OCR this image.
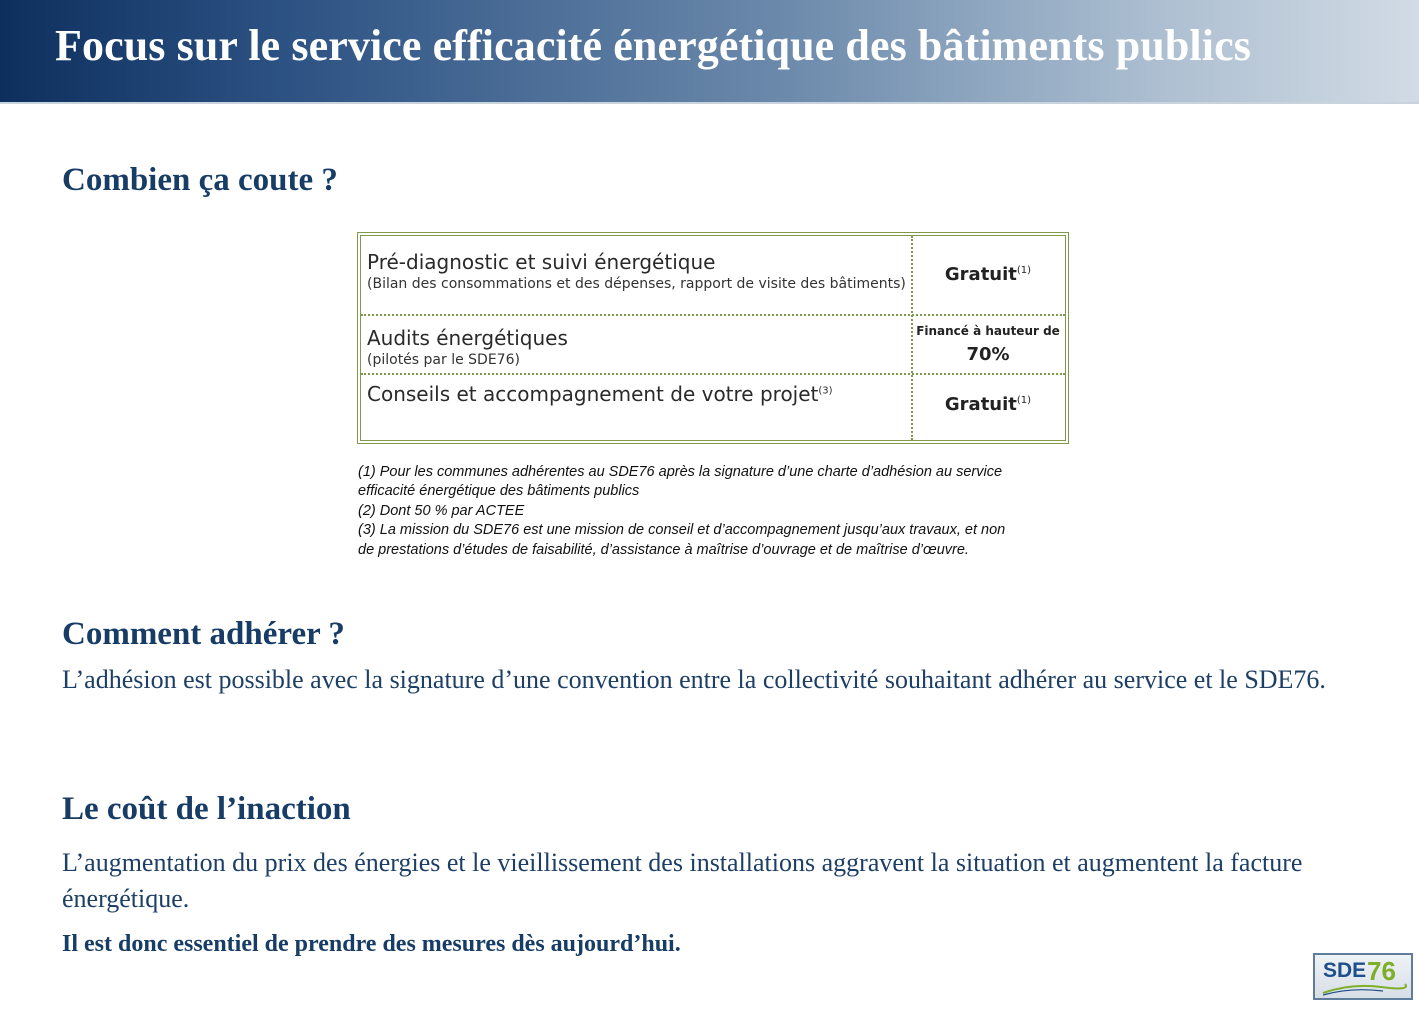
Focus sur le service efficacité énergétique des bâtiments publics
Combien ça coute ?
Pré-diagnostic et suivi énergétique
(Bilan des consommations et des dépenses, rapport de visite des bâtiments)	Gratuit$^{(1)}$
Audits énergétiques
(pilotés par le SDE76)
Financé à hauteur de
70%
Conseils et accompagnement de votre projet$^{(3)}$
Gratuit$^{(1)}$
(1) Pour les communes adhérentes au SDE76 après la signature d’une charte d’adhésion au service
efficacité énergétique des bâtiments publics
(2) Dont 50 % par ACTEE
(3) La mission du SDE76 est une mission de conseil et d’accompagnement jusqu’aux travaux, et non
de prestations d’études de faisabilité, d’assistance à maîtrise d’ouvrage et de maîtrise d’œuvre.
Comment adhérer ?
L’adhésion est possible avec la signature d’une convention entre la collectivité souhaitant adhérer au service et le SDE76.
Le coût de l’inaction
L’augmentation du prix des énergies et le vieillissement des installations aggravent la situation et augmentent la facture énergétique.
Il est donc essentiel de prendre des mesures dès aujourd’hui.
SDE 76
